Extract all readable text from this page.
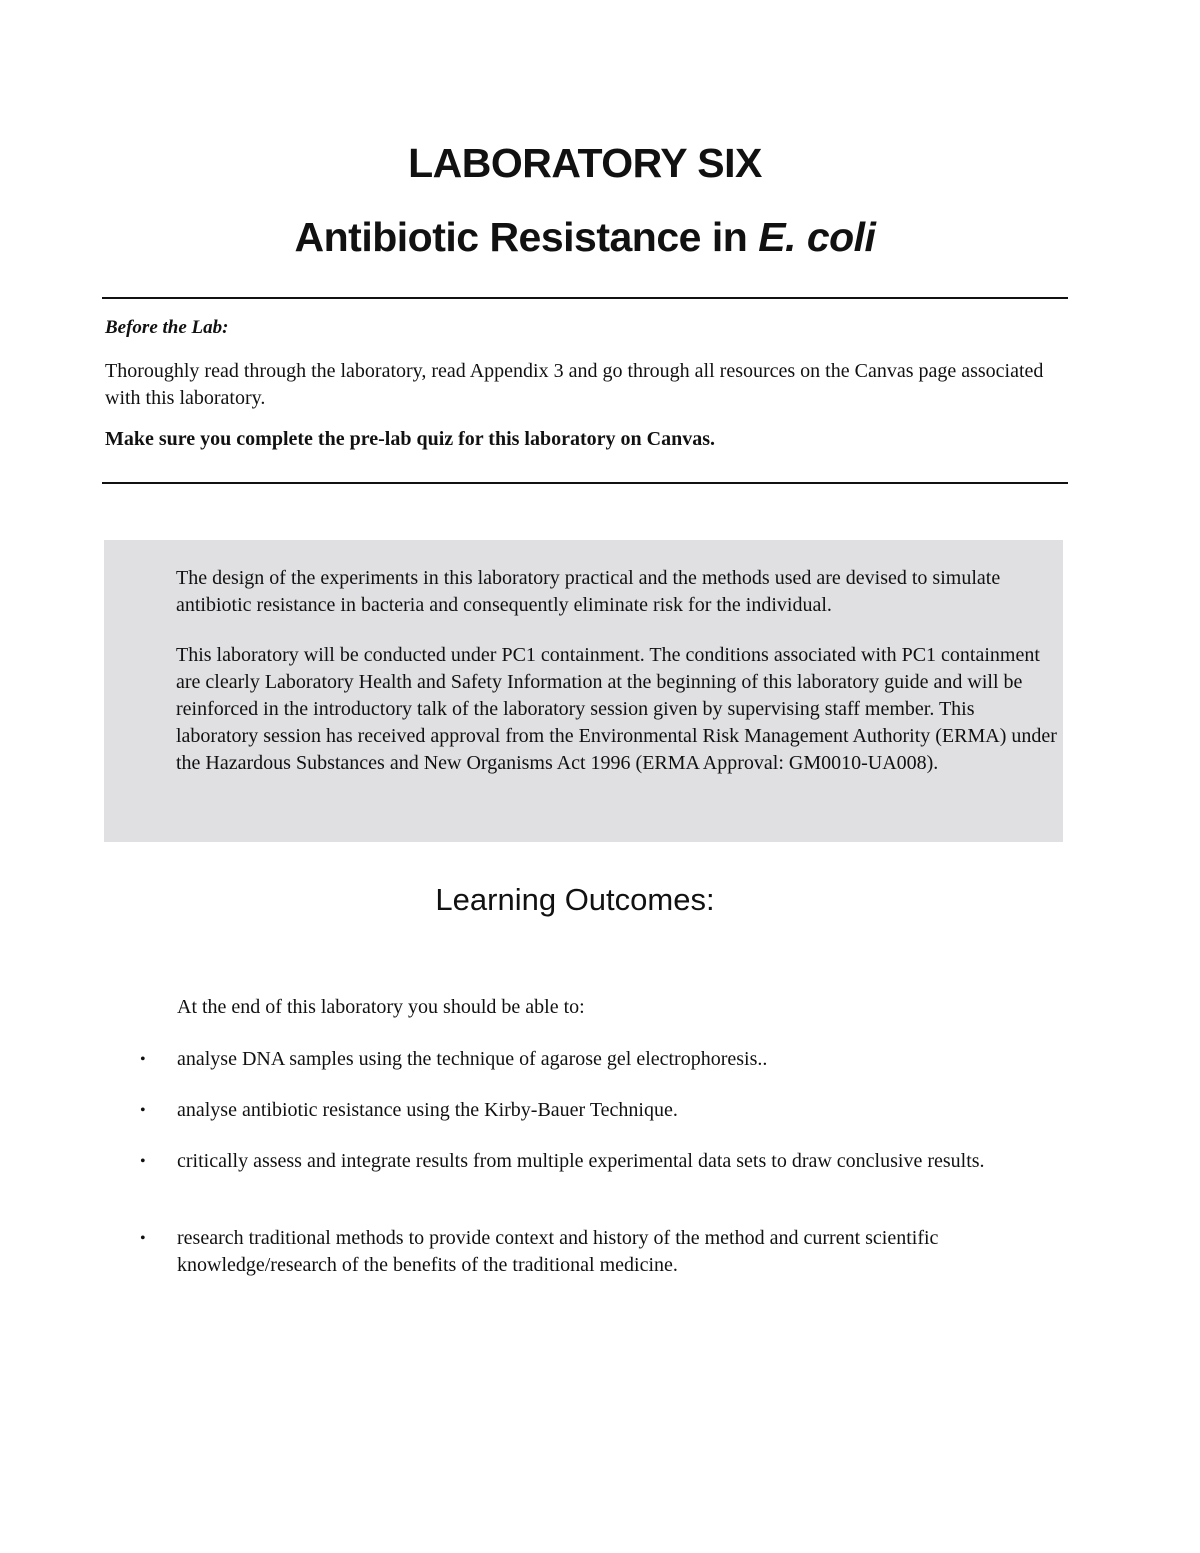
LABORATORY SIX
Antibiotic Resistance in E. coli
Before the Lab:
Thoroughly read through the laboratory, read Appendix 3 and go through all resources on the Canvas page associated with this laboratory.
Make sure you complete the pre-lab quiz for this laboratory on Canvas.

The design of the experiments in this laboratory practical and the methods used are devised to simulate antibiotic resistance in bacteria and consequently eliminate risk for the individual.

This laboratory will be conducted under PC1 containment. The conditions associated with PC1 containment are clearly Laboratory Health and Safety Information at the beginning of this laboratory guide and will be reinforced in the introductory talk of the laboratory session given by supervising staff member. This laboratory session has received approval from the Environmental Risk Management Authority (ERMA) under the Hazardous Substances and New Organisms Act 1996 (ERMA Approval: GM0010-UA008).

Learning Outcomes:
At the end of this laboratory you should be able to:
•	analyse DNA samples using the technique of agarose gel electrophoresis..
•	analyse antibiotic resistance using the Kirby-Bauer Technique.
•	critically assess and integrate results from multiple experimental data sets to draw conclusive results.
•	research traditional methods to provide context and history of the method and current scientific knowledge/research of the benefits of the traditional medicine.
